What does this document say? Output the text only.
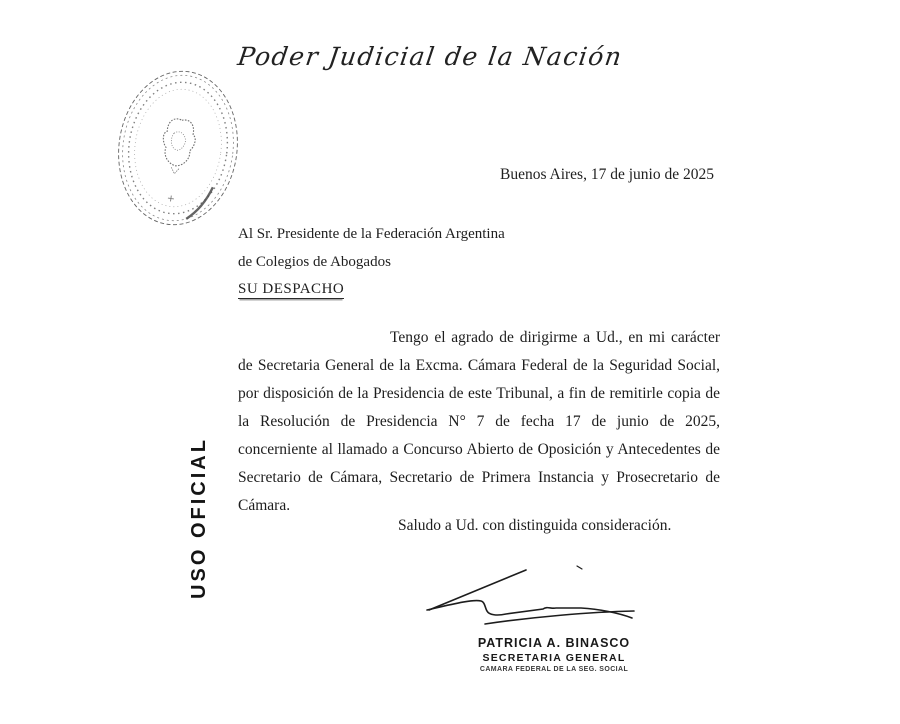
Poder Judicial de la Nación
Buenos Aires, 17 de junio de 2025
Al Sr. Presidente de la Federación Argentina
de Colegios de Abogados
SU DESPACHO
USO OFICIAL
Tengo el agrado de dirigirme a Ud., en mi carácter
de Secretaria General de la Excma. Cámara Federal de la Seguridad Social,
por disposición de la Presidencia de este Tribunal, a fin de remitirle copia de
la Resolución de Presidencia N° 7 de fecha 17 de junio de 2025,
concerniente al llamado a Concurso Abierto de Oposición y Antecedentes de
Secretario de Cámara, Secretario de Primera Instancia y Prosecretario de
Cámara.
Saludo a Ud. con distinguida consideración.
PATRICIA A. BINASCO
SECRETARIA GENERAL
CAMARA FEDERAL DE LA SEG. SOCIAL
